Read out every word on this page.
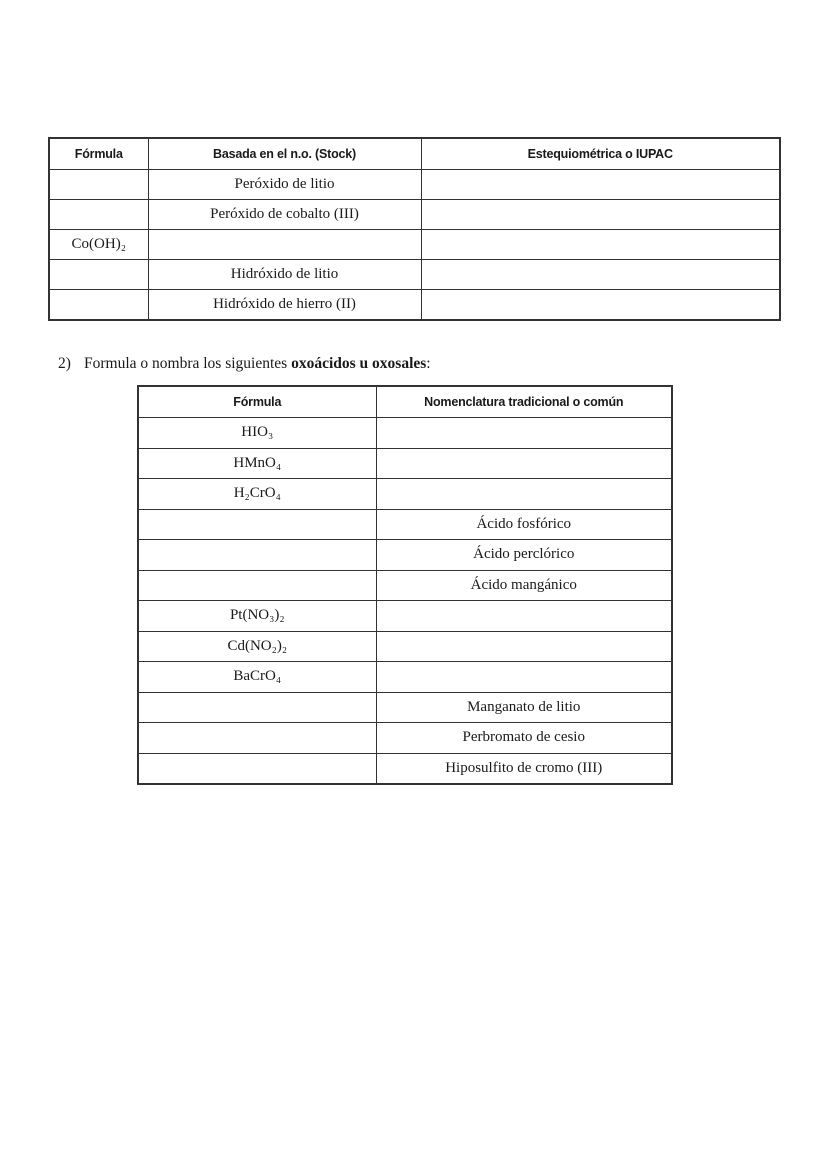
Fórmula	Basada en el n.o. (Stock)	Estequiométrica o IUPAC
	Peróxido de litio	
	Peróxido de cobalto (III)	
Co(OH)₂		
	Hidróxido de litio	
	Hidróxido de hierro (II)	
2) Formula o nombra los siguientes oxoácidos u oxosales:
Fórmula	Nomenclatura tradicional o común
HIO₃	
HMnO₄	
H₂CrO₄	
	Ácido fosfórico
	Ácido perclórico
	Ácido mangánico
Pt(NO₃)₂	
Cd(NO₂)₂	
BaCrO₄	
	Manganato de litio
	Perbromato de cesio
	Hiposulfito de cromo (III)
